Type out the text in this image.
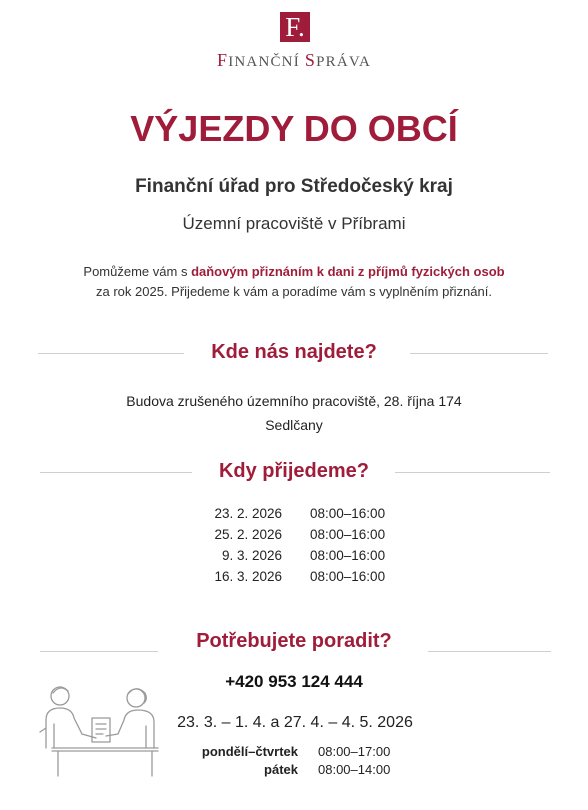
F.
FINANČNÍ SPRÁVA
VÝJEZDY DO OBCÍ
Finanční úřad pro Středočeský kraj
Územní pracoviště v Příbrami
Pomůžeme vám s daňovým přiznáním k dani z příjmů fyzických osob
za rok 2025. Přijedeme k vám a poradíme vám s vyplněním přiznání.
Kde nás najdete?
Budova zrušeného územního pracoviště, 28. října 174
Sedlčany
Kdy přijedeme?
23. 2. 2026 08:00–16:00
25. 2. 2026 08:00–16:00
9. 3. 2026 08:00–16:00
16. 3. 2026 08:00–16:00
Potřebujete poradit?
+420 953 124 444
23. 3. – 1. 4. a 27. 4. – 4. 5. 2026
pondělí–čtvrtek 08:00–17:00
pátek 08:00–14:00
